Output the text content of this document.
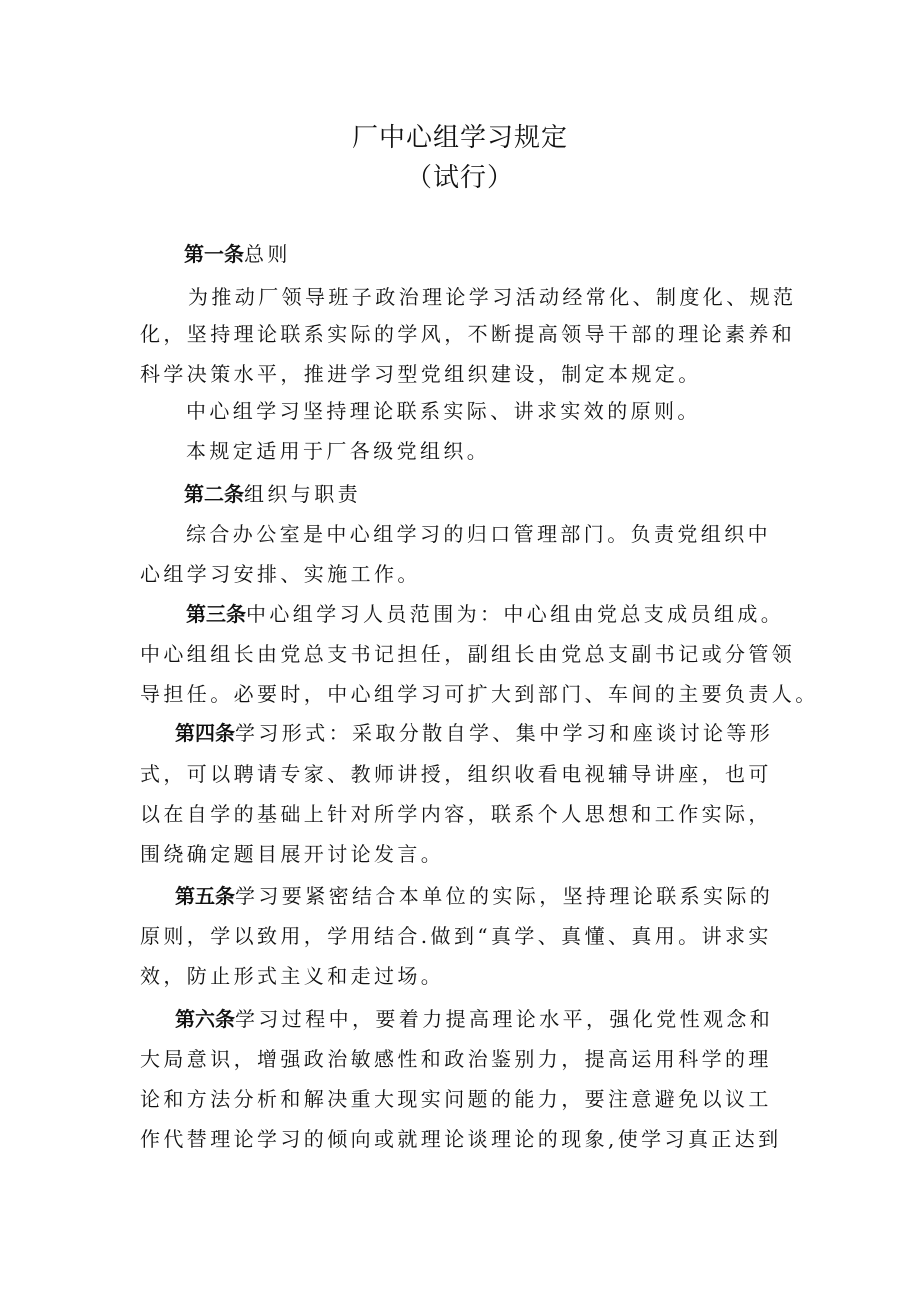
厂中心组学习规定
（试行）
第一条总则
为推动厂领导班子政治理论学习活动经常化、制度化、规范
化，坚持理论联系实际的学风，不断提高领导干部的理论素养和
科学决策水平，推进学习型党组织建设，制定本规定。
中心组学习坚持理论联系实际、讲求实效的原则。
本规定适用于厂各级党组织。
第二条组织与职责
综合办公室是中心组学习的归口管理部门。负责党组织中
心组学习安排、实施工作。
第三条中心组学习人员范围为：中心组由党总支成员组成。
中心组组长由党总支书记担任，副组长由党总支副书记或分管领
导担任。必要时，中心组学习可扩大到部门、车间的主要负责人。
第四条学习形式：采取分散自学、集中学习和座谈讨论等形
式，可以聘请专家、教师讲授，组织收看电视辅导讲座，也可
以在自学的基础上针对所学内容，联系个人思想和工作实际，
围绕确定题目展开讨论发言。
第五条学习要紧密结合本单位的实际，坚持理论联系实际的
原则，学以致用，学用结合.做到“真学、真懂、真用。讲求实
效，防止形式主义和走过场。
第六条学习过程中，要着力提高理论水平，强化党性观念和
大局意识，增强政治敏感性和政治鉴别力，提高运用科学的理
论和方法分析和解决重大现实问题的能力，要注意避免以议工
作代替理论学习的倾向或就理论谈理论的现象,使学习真正达到
